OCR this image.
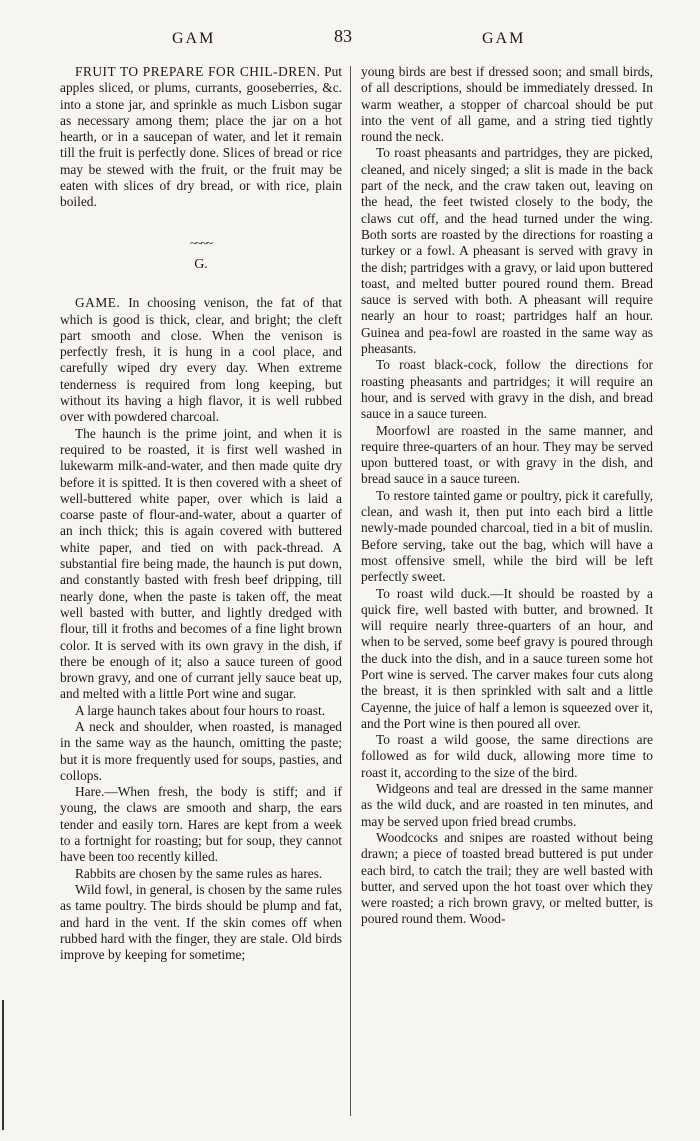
GAM	83	GAM

FRUIT TO PREPARE FOR CHIL-DREN. Put apples sliced, or plums, currants, gooseberries, &c. into a stone jar, and sprinkle as much Lisbon sugar as necessary among them; place the jar on a hot hearth, or in a saucepan of water, and let it remain till the fruit is perfectly done. Slices of bread or rice may be stewed with the fruit, or the fruit may be eaten with slices of dry bread, or with rice, plain boiled.

~~~~
G.

GAME. In choosing venison, the fat of that which is good is thick, clear, and bright; the cleft part smooth and close. When the venison is perfectly fresh, it is hung in a cool place, and carefully wiped dry every day. When extreme tenderness is required from long keeping, but without its having a high flavor, it is well rubbed over with powdered charcoal.

The haunch is the prime joint, and when it is required to be roasted, it is first well washed in lukewarm milk-and-water, and then made quite dry before it is spitted. It is then covered with a sheet of well-buttered white paper, over which is laid a coarse paste of flour-and-water, about a quarter of an inch thick; this is again covered with buttered white paper, and tied on with pack-thread. A substantial fire being made, the haunch is put down, and constantly basted with fresh beef dripping, till nearly done, when the paste is taken off, the meat well basted with butter, and lightly dredged with flour, till it froths and becomes of a fine light brown color. It is served with its own gravy in the dish, if there be enough of it; also a sauce tureen of good brown gravy, and one of currant jelly sauce beat up, and melted with a little Port wine and sugar.

A large haunch takes about four hours to roast.

A neck and shoulder, when roasted, is managed in the same way as the haunch, omitting the paste; but it is more frequently used for soups, pasties, and collops.

Hare.—When fresh, the body is stiff; and if young, the claws are smooth and sharp, the ears tender and easily torn. Hares are kept from a week to a fortnight for roasting; but for soup, they cannot have been too recently killed.

Rabbits are chosen by the same rules as hares.

Wild fowl, in general, is chosen by the same rules as tame poultry. The birds should be plump and fat, and hard in the vent. If the skin comes off when rubbed hard with the finger, they are stale. Old birds improve by keeping for sometime;

young birds are best if dressed soon; and small birds, of all descriptions, should be immediately dressed. In warm weather, a stopper of charcoal should be put into the vent of all game, and a string tied tightly round the neck.

To roast pheasants and partridges, they are picked, cleaned, and nicely singed; a slit is made in the back part of the neck, and the craw taken out, leaving on the head, the feet twisted closely to the body, the claws cut off, and the head turned under the wing. Both sorts are roasted by the directions for roasting a turkey or a fowl. A pheasant is served with gravy in the dish; partridges with a gravy, or laid upon buttered toast, and melted butter poured round them. Bread sauce is served with both. A pheasant will require nearly an hour to roast; partridges half an hour. Guinea and pea-fowl are roasted in the same way as pheasants.

To roast black-cock, follow the directions for roasting pheasants and partridges; it will require an hour, and is served with gravy in the dish, and bread sauce in a sauce tureen.

Moorfowl are roasted in the same manner, and require three-quarters of an hour. They may be served upon buttered toast, or with gravy in the dish, and bread sauce in a sauce tureen.

To restore tainted game or poultry, pick it carefully, clean, and wash it, then put into each bird a little newly-made pounded charcoal, tied in a bit of muslin. Before serving, take out the bag, which will have a most offensive smell, while the bird will be left perfectly sweet.

To roast wild duck.—It should be roasted by a quick fire, well basted with butter, and browned. It will require nearly three-quarters of an hour, and when to be served, some beef gravy is poured through the duck into the dish, and in a sauce tureen some hot Port wine is served. The carver makes four cuts along the breast, it is then sprinkled with salt and a little Cayenne, the juice of half a lemon is squeezed over it, and the Port wine is then poured all over.

To roast a wild goose, the same directions are followed as for wild duck, allowing more time to roast it, according to the size of the bird.

Widgeons and teal are dressed in the same manner as the wild duck, and are roasted in ten minutes, and may be served upon fried bread crumbs.

Woodcocks and snipes are roasted without being drawn; a piece of toasted bread buttered is put under each bird, to catch the trail; they are well basted with butter, and served upon the hot toast over which they were roasted; a rich brown gravy, or melted butter, is poured round them. Wood-
